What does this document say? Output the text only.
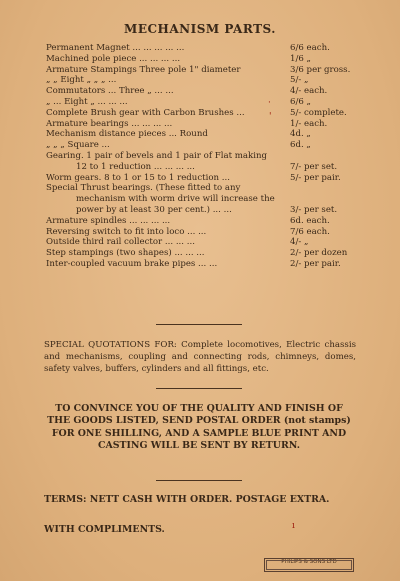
MECHANISM PARTS.
Permanent Magnet ... ... ... ... ...	6/6 each.
Machined pole piece ... ... ... ...	1/6 „
Armature Stampings Three pole 1" diameter	3/6 per gross.
„ „ Eight „ „ „ ...	5/- „
Commutators ... Three „ ... ...	4/- each.
„ ... Eight „ ... ... ...	6/6 „
Complete Brush gear with Carbon Brushes ...	5/- complete.
Armature bearings ... ... ... ...	1/- each.
Mechanism distance pieces ... Round	4d. „
„ „ „ Square ...	6d. „
Gearing. 1 pair of bevels and 1 pair of Flat making
12 to 1 reduction ... ... ... ...	7/- per set.
Worm gears. 8 to 1 or 15 to 1 reduction ...	5/- per pair.
Special Thrust bearings. (These fitted to any
mechanism with worm drive will increase the
power by at least 30 per cent.) ... ...	3/- per set.
Armature spindles ... ... ... ...	6d. each.
Reversing switch to fit into loco ... ...	7/6 each.
Outside third rail collector ... ... ...	4/- „
Step stampings (two shapes) ... ... ...	2/- per dozen
Inter-coupled vacuum brake pipes ... ...	2/- per pair.
SPECIAL QUOTATIONS FOR: Complete locomotives, Electric chassis and mechanisms, coupling and connecting rods, chimneys, domes, safety valves, buffers, cylinders and all fittings, etc.
TO CONVINCE YOU OF THE QUALITY AND FINISH OF THE GOODS LISTED, SEND POSTAL ORDER (not stamps) FOR ONE SHILLING, AND A SAMPLE BLUE PRINT AND CASTING WILL BE SENT BY RETURN.
TERMS: NETT CASH WITH ORDER. POSTAGE EXTRA.
WITH COMPLIMENTS.
·
'
ı
PHILIPS & SONS LTD
